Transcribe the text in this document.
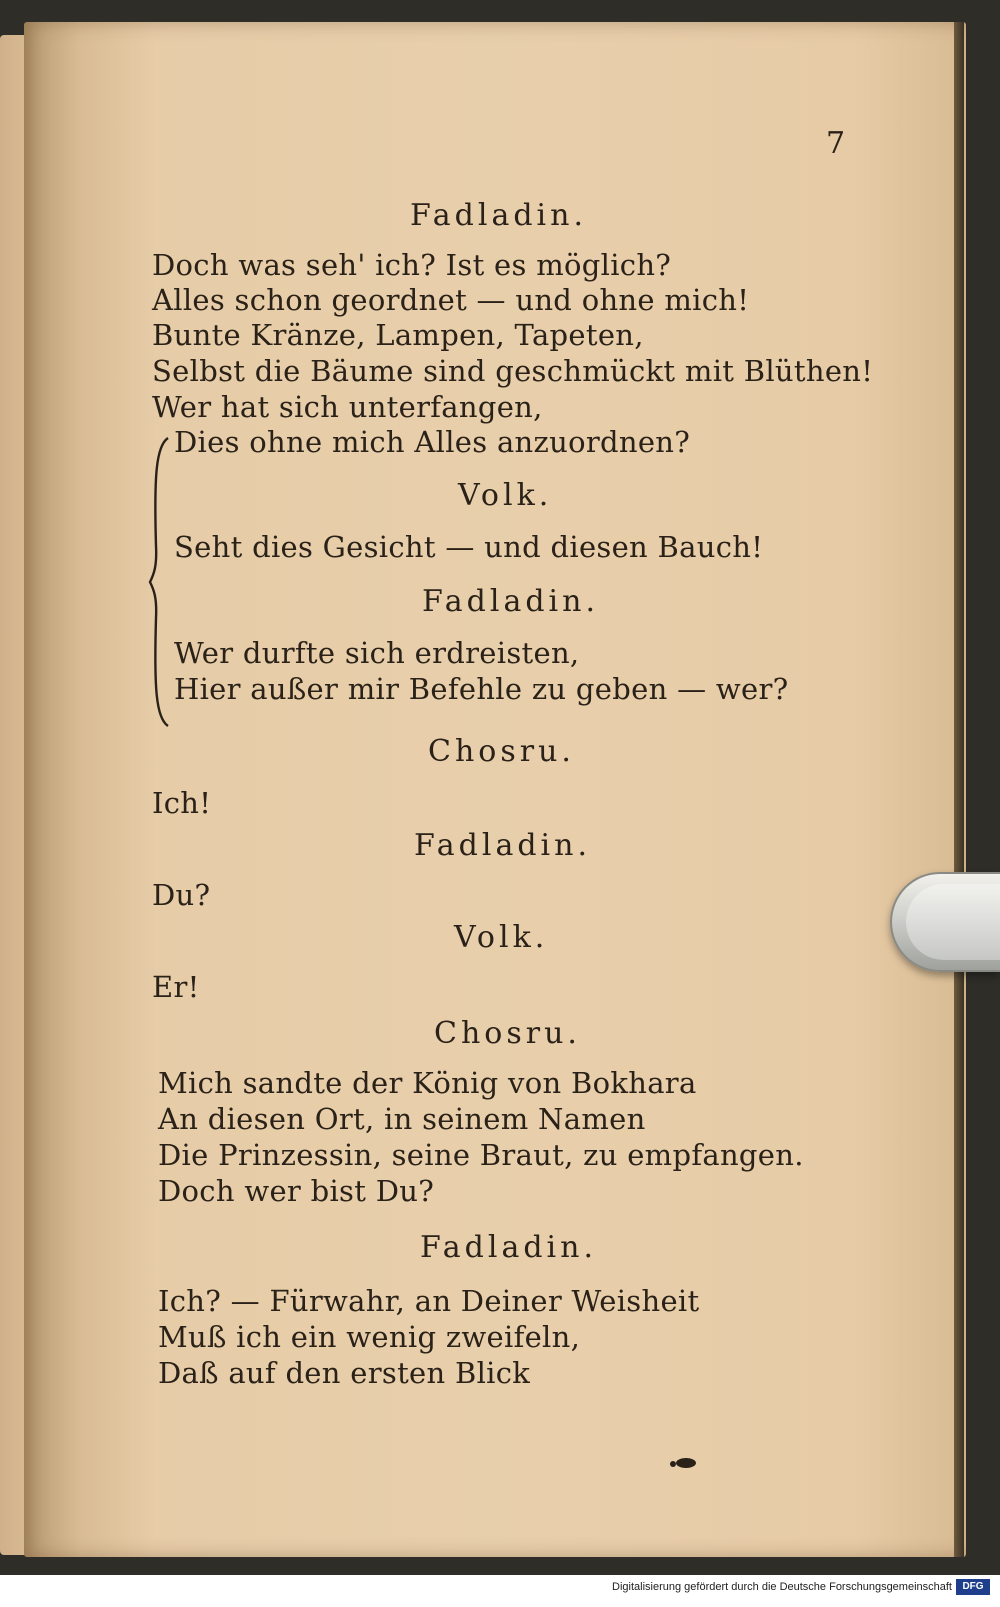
7
Fadladin.
Doch was seh' ich? Ist es möglich?
Alles schon geordnet — und ohne mich!
Bunte Kränze, Lampen, Tapeten,
Selbst die Bäume sind geschmückt mit Blüthen!
Wer hat sich unterfangen,
Dies ohne mich Alles anzuordnen?
Volk.
Seht dies Gesicht — und diesen Bauch!
Fadladin.
Wer durfte sich erdreisten,
Hier außer mir Befehle zu geben — wer?
Chosru.
Ich!
Fadladin.
Du?
Volk.
Er!
Chosru.
Mich sandte der König von Bokhara
An diesen Ort, in seinem Namen
Die Prinzessin, seine Braut, zu empfangen.
Doch wer bist Du?
Fadladin.
Ich? — Fürwahr, an Deiner Weisheit
Muß ich ein wenig zweifeln,
Daß auf den ersten Blick
Digitalisierung gefördert durch die Deutsche Forschungsgemeinschaft	DFG
